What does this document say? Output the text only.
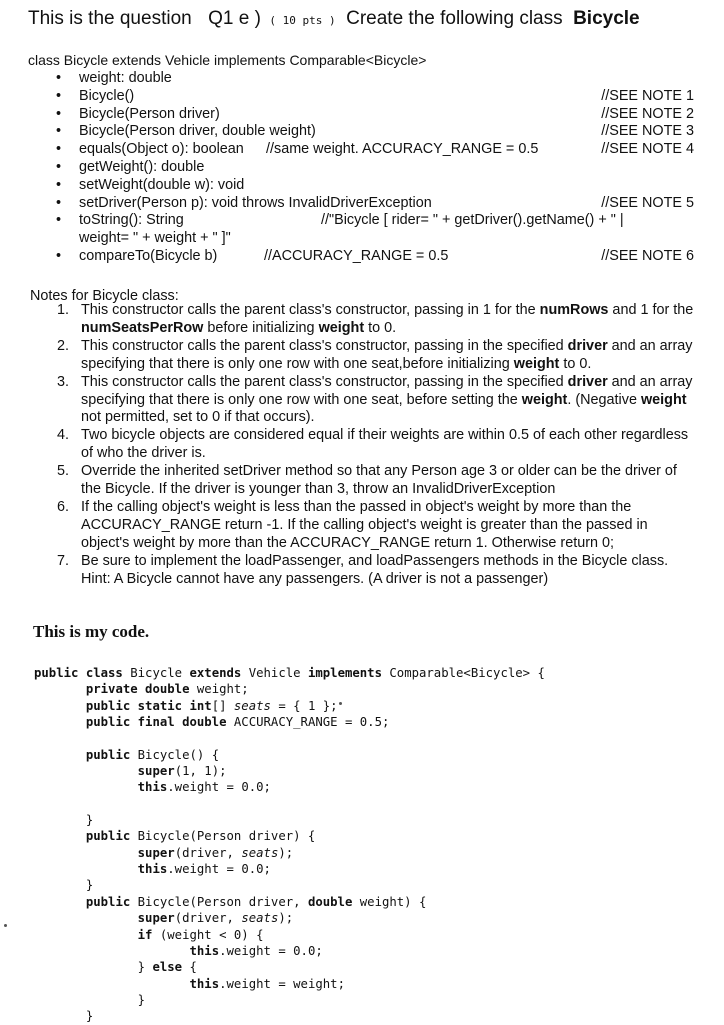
This is the question Q1 e ) ( 10 pts ) Create the following class Bicycle
class Bicycle extends Vehicle implements Comparable<Bicycle>
• weight: double
• Bicycle()	//SEE NOTE 1
• Bicycle(Person driver)	//SEE NOTE 2
• Bicycle(Person driver, double weight)	//SEE NOTE 3
• equals(Object o): boolean //same weight. ACCURACY_RANGE = 0.5	//SEE NOTE 4
• getWeight(): double
• setWeight(double w): void
• setDriver(Person p): void throws InvalidDriverException	//SEE NOTE 5
• toString(): String	//"Bicycle [ rider= " + getDriver().getName() + " |
weight= " + weight + " ]"
• compareTo(Bicycle b)	//ACCURACY_RANGE = 0.5	//SEE NOTE 6
Notes for Bicycle class:
1. This constructor calls the parent class's constructor, passing in 1 for the numRows and 1 for the numSeatsPerRow before initializing weight to 0.
2. This constructor calls the parent class's constructor, passing in the specified driver and an array specifying that there is only one row with one seat,before initializing weight to 0.
3. This constructor calls the parent class's constructor, passing in the specified driver and an array specifying that there is only one row with one seat, before setting the weight. (Negative weight not permitted, set to 0 if that occurs).
4. Two bicycle objects are considered equal if their weights are within 0.5 of each other regardless of who the driver is.
5. Override the inherited setDriver method so that any Person age 3 or older can be the driver of the Bicycle. If the driver is younger than 3, throw an InvalidDriverException
6. If the calling object's weight is less than the passed in object's weight by more than the ACCURACY_RANGE return -1. If the calling object's weight is greater than the passed in object's weight by more than the ACCURACY_RANGE return 1. Otherwise return 0;
7. Be sure to implement the loadPassenger, and loadPassengers methods in the Bicycle class. Hint: A Bicycle cannot have any passengers. (A driver is not a passenger)
This is my code.
public class Bicycle extends Vehicle implements Comparable<Bicycle> {
private double weight;
public static int[] seats = { 1 };
public final double ACCURACY_RANGE = 0.5;
public Bicycle() {
super(1, 1);
this.weight = 0.0;
}
public Bicycle(Person driver) {
super(driver, seats);
this.weight = 0.0;
}
public Bicycle(Person driver, double weight) {
super(driver, seats);
if (weight < 0) {
this.weight = 0.0;
} else {
this.weight = weight;
}
}
